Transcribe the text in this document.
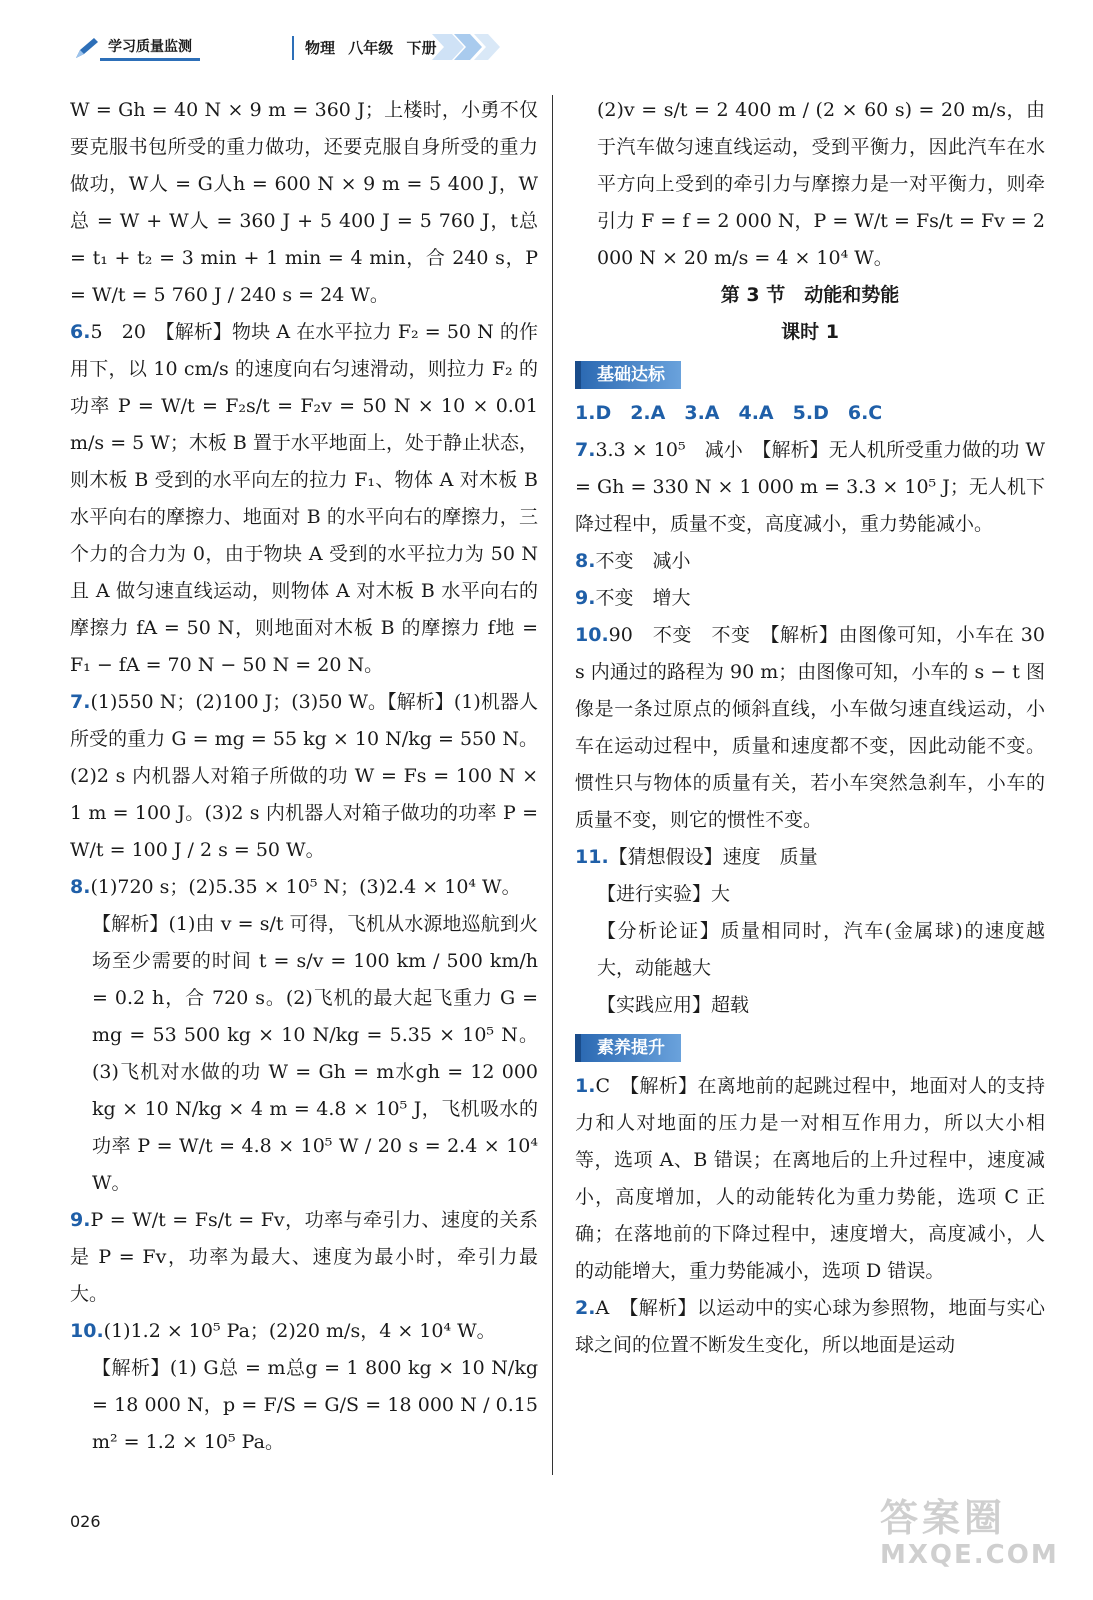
学习质量监测	物理 八年级 下册

W = Gh = 40 N × 9 m = 360 J；上楼时，小勇不仅要克服书包所受的重力做功，还要克服自身所受的重力做功，W人 = G人h = 600 N × 9 m = 5 400 J，W总 = W + W人 = 360 J + 5 400 J = 5 760 J，t总 = t₁ + t₂ = 3 min + 1 min = 4 min，合 240 s，P = W/t = 5 760 J / 240 s = 24 W。

6.5　20　【解析】物块 A 在水平拉力 F₂ = 50 N 的作用下，以 10 cm/s 的速度向右匀速滑动，则拉力 F₂ 的功率 P = W/t = F₂s/t = F₂v = 50 N × 10 × 0.01 m/s = 5 W；木板 B 置于水平地面上，处于静止状态，则木板 B 受到的水平向左的拉力 F₁、物体 A 对木板 B 水平向右的摩擦力、地面对 B 的水平向右的摩擦力，三个力的合力为 0，由于物块 A 受到的水平拉力为 50 N 且 A 做匀速直线运动，则物体 A 对木板 B 水平向右的摩擦力 fA = 50 N，则地面对木板 B 的摩擦力 f地 = F₁ − fA = 70 N − 50 N = 20 N。

7.(1)550 N；(2)100 J；(3)50 W。【解析】(1)机器人所受的重力 G = mg = 55 kg × 10 N/kg = 550 N。(2)2 s 内机器人对箱子所做的功 W = Fs = 100 N × 1 m = 100 J。(3)2 s 内机器人对箱子做功的功率 P = W/t = 100 J / 2 s = 50 W。

8.(1)720 s；(2)5.35 × 10⁵ N；(3)2.4 × 10⁴ W。

【解析】(1)由 v = s/t 可得，飞机从水源地巡航到火场至少需要的时间 t = s/v = 100 km / 500 km/h = 0.2 h，合 720 s。(2)飞机的最大起飞重力 G = mg = 53 500 kg × 10 N/kg = 5.35 × 10⁵ N。(3)飞机对水做的功 W = Gh = m水gh = 12 000 kg × 10 N/kg × 4 m = 4.8 × 10⁵ J，飞机吸水的功率 P = W/t = 4.8 × 10⁵ W / 20 s = 2.4 × 10⁴ W。

9.P = W/t = Fs/t = Fv，功率与牵引力、速度的关系是 P = Fv，功率为最大、速度为最小时，牵引力最大。

10.(1)1.2 × 10⁵ Pa；(2)20 m/s，4 × 10⁴ W。

【解析】(1) G总 = m总g = 1 800 kg × 10 N/kg = 18 000 N，p = F/S = G/S = 18 000 N / 0.15 m² = 1.2 × 10⁵ Pa。

(2)v = s/t = 2 400 m / (2 × 60 s) = 20 m/s，由于汽车做匀速直线运动，受到平衡力，因此汽车在水平方向上受到的牵引力与摩擦力是一对平衡力，则牵引力 F = f = 2 000 N，P = W/t = Fs/t = Fv = 2 000 N × 20 m/s = 4 × 10⁴ W。

第 3 节　动能和势能
课时 1
基础达标

1.D　2.A　3.A　4.A　5.D　6.C

7.3.3 × 10⁵　减小　【解析】无人机所受重力做的功 W = Gh = 330 N × 1 000 m = 3.3 × 10⁵ J；无人机下降过程中，质量不变，高度减小，重力势能减小。

8.不变　减小

9.不变　增大

10.90　不变　不变　【解析】由图像可知，小车在 30 s 内通过的路程为 90 m；由图像可知，小车的 s − t 图像是一条过原点的倾斜直线，小车做匀速直线运动，小车在运动过程中，质量和速度都不变，因此动能不变。惯性只与物体的质量有关，若小车突然急刹车，小车的质量不变，则它的惯性不变。

11.【猜想假设】速度　质量

【进行实验】大

【分析论证】质量相同时，汽车(金属球)的速度越大，动能越大

【实践应用】超载

素养提升

1.C　【解析】在离地前的起跳过程中，地面对人的支持力和人对地面的压力是一对相互作用力，所以大小相等，选项 A、B 错误；在离地后的上升过程中，速度减小，高度增加，人的动能转化为重力势能，选项 C 正确；在落地前的下降过程中，速度增大，高度减小，人的动能增大，重力势能减小，选项 D 错误。

2.A　【解析】以运动中的实心球为参照物，地面与实心球之间的位置不断发生变化，所以地面是运动

026	答案圈
MXQE.COM
